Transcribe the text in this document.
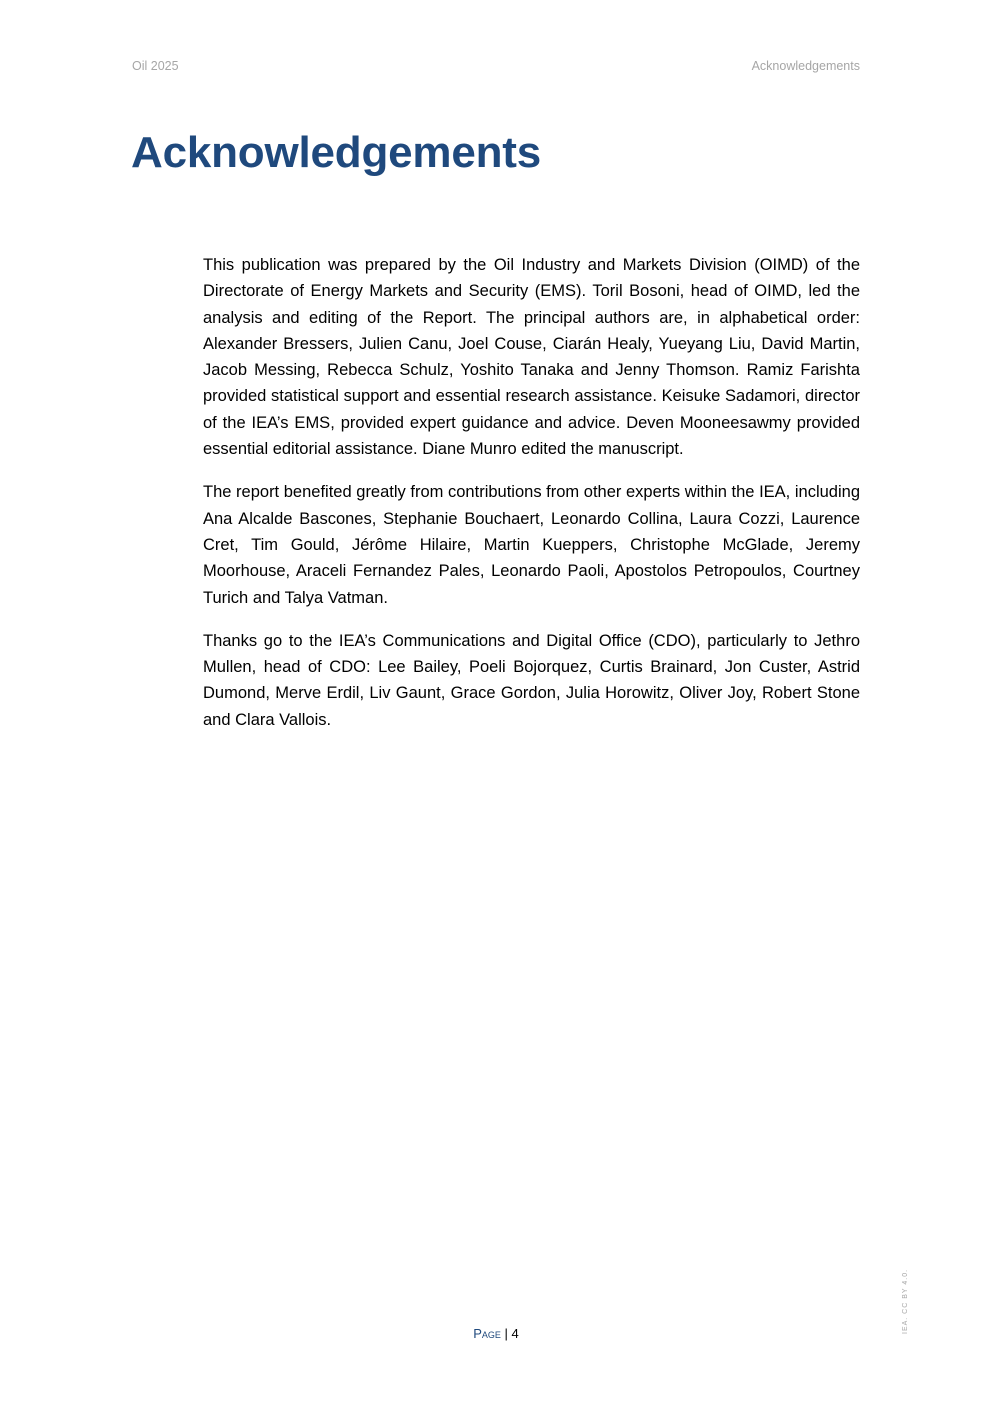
Oil 2025	Acknowledgements
Acknowledgements

This publication was prepared by the Oil Industry and Markets Division (OIMD) of the Directorate of Energy Markets and Security (EMS). Toril Bosoni, head of OIMD, led the analysis and editing of the Report. The principal authors are, in alphabetical order: Alexander Bressers, Julien Canu, Joel Couse, Ciarán Healy, Yueyang Liu, David Martin, Jacob Messing, Rebecca Schulz, Yoshito Tanaka and Jenny Thomson. Ramiz Farishta provided statistical support and essential research assistance. Keisuke Sadamori, director of the IEA’s EMS, provided expert guidance and advice. Deven Mooneesawmy provided essential editorial assistance. Diane Munro edited the manuscript.

The report benefited greatly from contributions from other experts within the IEA, including Ana Alcalde Bascones, Stephanie Bouchaert, Leonardo Collina, Laura Cozzi, Laurence Cret, Tim Gould, Jérôme Hilaire, Martin Kueppers, Christophe McGlade, Jeremy Moorhouse, Araceli Fernandez Pales, Leonardo Paoli, Apostolos Petropoulos, Courtney Turich and Talya Vatman.

Thanks go to the IEA’s Communications and Digital Office (CDO), particularly to Jethro Mullen, head of CDO: Lee Bailey, Poeli Bojorquez, Curtis Brainard, Jon Custer, Astrid Dumond, Merve Erdil, Liv Gaunt, Grace Gordon, Julia Horowitz, Oliver Joy, Robert Stone and Clara Vallois.

Page | 4	IEA. CC BY 4.0.
